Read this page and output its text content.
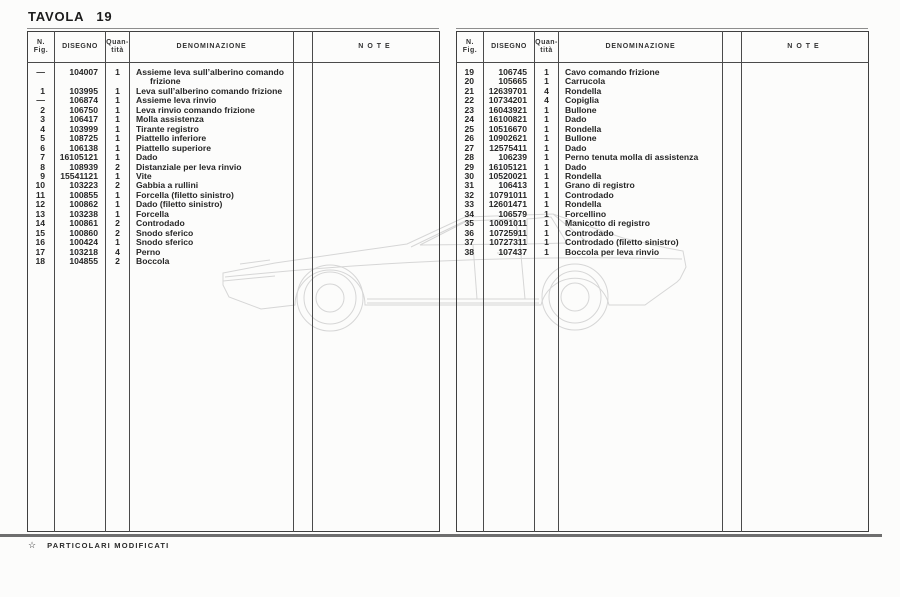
TAVOLA 19
N.
Fig.	DISEGNO	Quan-
tità	DENOMINAZIONE		NOTE
—	104007	1	Assieme leva sull’alberino comando
frizione		

1	103995	1	Leva sull’alberino comando frizione		

—	106874	1	Assieme leva rinvio		

2	106750	1	Leva rinvio comando frizione		

3	106417	1	Molla assistenza		

4	103999	1	Tirante registro		

5	108725	1	Piattello inferiore		

6	106138	1	Piattello superiore		

7	16105121	1	Dado		

8	108939	2	Distanziale per leva rinvio		

9	15541121	1	Vite		

10	103223	2	Gabbia a rullini		

11	100855	1	Forcella (filetto sinistro)		

12	100862	1	Dado (filetto sinistro)		

13	103238	1	Forcella		

14	100861	2	Controdado		

15	100860	2	Snodo sferico		

16	100424	1	Snodo sferico		

17	103218	4	Perno		

18	104855	2	Boccola		

N.
Fig.	DISEGNO	Quan-
tità	DENOMINAZIONE		NOTE
19	106745	1	Cavo comando frizione		

20	105665	1	Carrucola		

21	12639701	4	Rondella		

22	10734201	4	Copiglia		

23	16043921	1	Bullone		

24	16100821	1	Dado		

25	10516670	1	Rondella		

26	10902621	1	Bullone		

27	12575411	1	Dado		

28	106239	1	Perno tenuta molla di assistenza		

29	16105121	1	Dado		

30	10520021	1	Rondella		

31	106413	1	Grano di registro		

32	10791011	1	Controdado		

33	12601471	1	Rondella		

34	106579	1	Forcellino		

35	10091011	1	Manicotto di registro		

36	10725911	1	Controdado		

37	10727311	1	Controdado (filetto sinistro)		

38	107437	1	Boccola per leva rinvio		

☆ PARTICOLARI MODIFICATI
